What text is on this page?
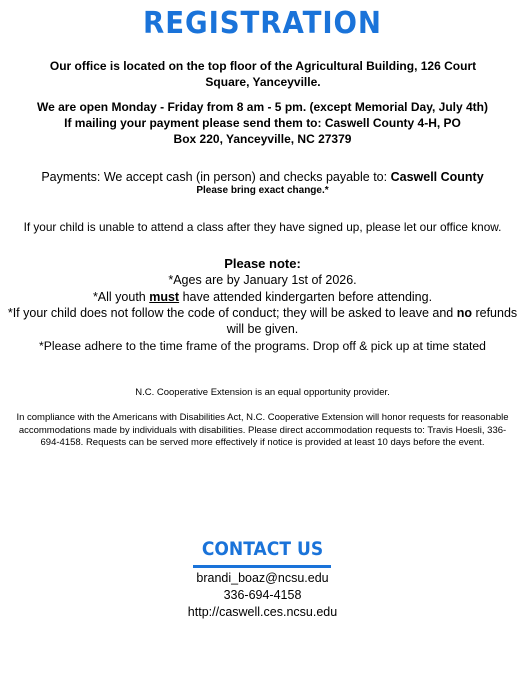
REGISTRATION
Our office is located on the top floor of the Agricultural Building, 126 Court Square, Yanceyville.
We are open Monday - Friday from 8 am - 5 pm. (except Memorial Day, July 4th)
If mailing your payment please send them to: Caswell County 4-H, PO Box 220, Yanceyville, NC 27379
Payments: We accept cash (in person) and checks payable to: Caswell County
Please bring exact change.*
If your child is unable to attend a class after they have signed up, please let our office know.
Please note:
*Ages are by January 1st of 2026.
*All youth must have attended kindergarten before attending.
*If your child does not follow the code of conduct; they will be asked to leave and no refunds will be given.
*Please adhere to the time frame of the programs. Drop off & pick up at time stated
N.C. Cooperative Extension is an equal opportunity provider.
In compliance with the Americans with Disabilities Act, N.C. Cooperative Extension will honor requests for reasonable accommodations made by individuals with disabilities. Please direct accommodation requests to: Travis Hoesli, 336-694-4158. Requests can be served more effectively if notice is provided at least 10 days before the event.
CONTACT US
brandi_boaz@ncsu.edu
336-694-4158
http://caswell.ces.ncsu.edu
